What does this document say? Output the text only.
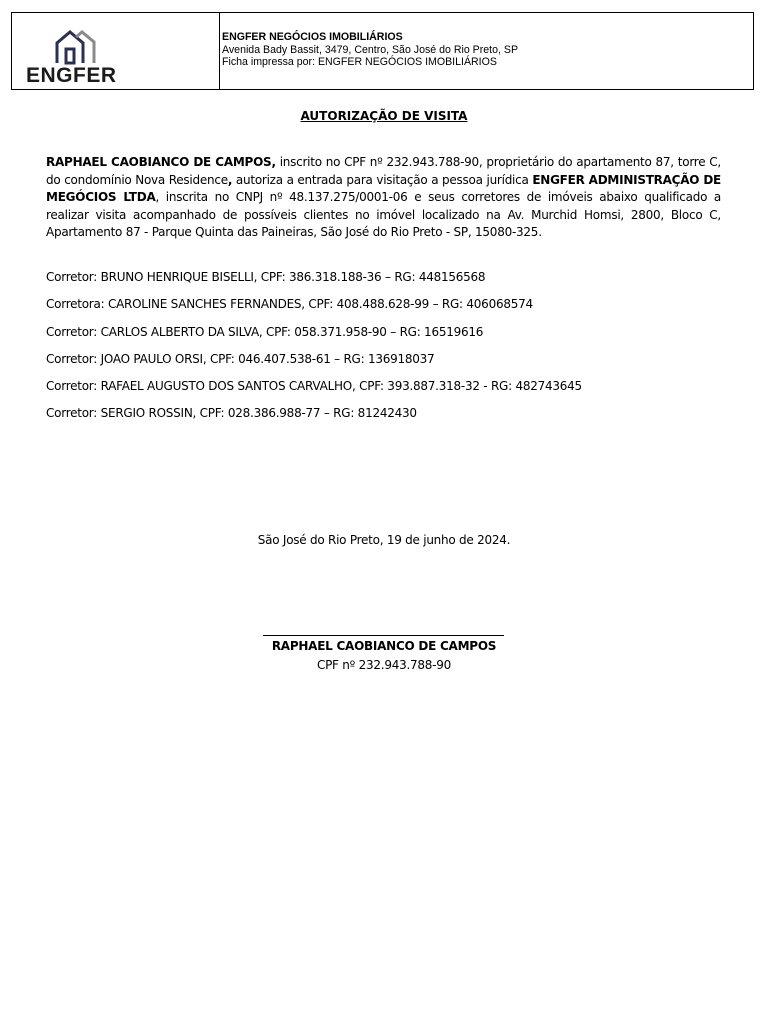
ENGFER
ENGFER NEGÓCIOS IMOBILIÁRIOS
Avenida Bady Bassit, 3479, Centro, São José do Rio Preto, SP
Ficha impressa por: ENGFER NEGÓCIOS IMOBILIÁRIOS
AUTORIZAÇÃO DE VISITA
RAPHAEL CAOBIANCO DE CAMPOS, inscrito no CPF nº 232.943.788-90, proprietário do apartamento 87, torre C, do condomínio Nova Residence, autoriza a entrada para visitação a pessoa jurídica ENGFER ADMINISTRAÇÃO DE MEGÓCIOS LTDA, inscrita no CNPJ nº 48.137.275/0001-06 e seus corretores de imóveis abaixo qualificado a realizar visita acompanhado de possíveis clientes no imóvel localizado na Av. Murchid Homsi, 2800, Bloco C, Apartamento 87 - Parque Quinta das Paineiras, São José do Rio Preto - SP, 15080-325.
Corretor: BRUNO HENRIQUE BISELLI, CPF: 386.318.188-36 – RG: 448156568
Corretora: CAROLINE SANCHES FERNANDES, CPF: 408.488.628-99 – RG: 406068574
Corretor: CARLOS ALBERTO DA SILVA, CPF: 058.371.958-90 – RG: 16519616
Corretor: JOAO PAULO ORSI, CPF: 046.407.538-61 – RG: 136918037
Corretor: RAFAEL AUGUSTO DOS SANTOS CARVALHO, CPF: 393.887.318-32 - RG: 482743645
Corretor: SERGIO ROSSIN, CPF: 028.386.988-77 – RG: 81242430
São José do Rio Preto, 19 de junho de 2024.
RAPHAEL CAOBIANCO DE CAMPOS
CPF nº 232.943.788-90
